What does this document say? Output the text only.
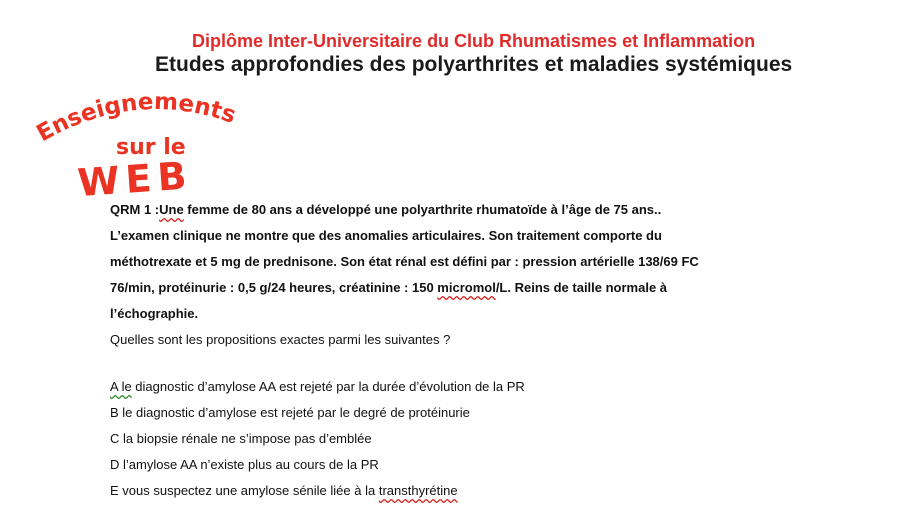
Diplôme Inter-Universitaire du Club Rhumatismes et Inflammation
Etudes approfondies des polyarthrites et maladies systémiques
Enseignements
sur le
WEB
QRM 1 :Une femme de 80 ans a développé une polyarthrite rhumatoïde à l’âge de 75 ans..
L’examen clinique ne montre que des anomalies articulaires. Son traitement comporte du
méthotrexate et 5 mg de prednisone. Son état rénal est défini par : pression artérielle 138/69 FC
76/min, protéinurie : 0,5 g/24 heures, créatinine : 150 micromol/L. Reins de taille normale à
l’échographie.
Quelles sont les propositions exactes parmi les suivantes ?
A le diagnostic d’amylose AA est rejeté par la durée d’évolution de la PR
B le diagnostic d’amylose est rejeté par le degré de protéinurie
C la biopsie rénale ne s’impose pas d’emblée
D l’amylose AA n’existe plus au cours de la PR
E vous suspectez une amylose sénile liée à la transthyrétine
